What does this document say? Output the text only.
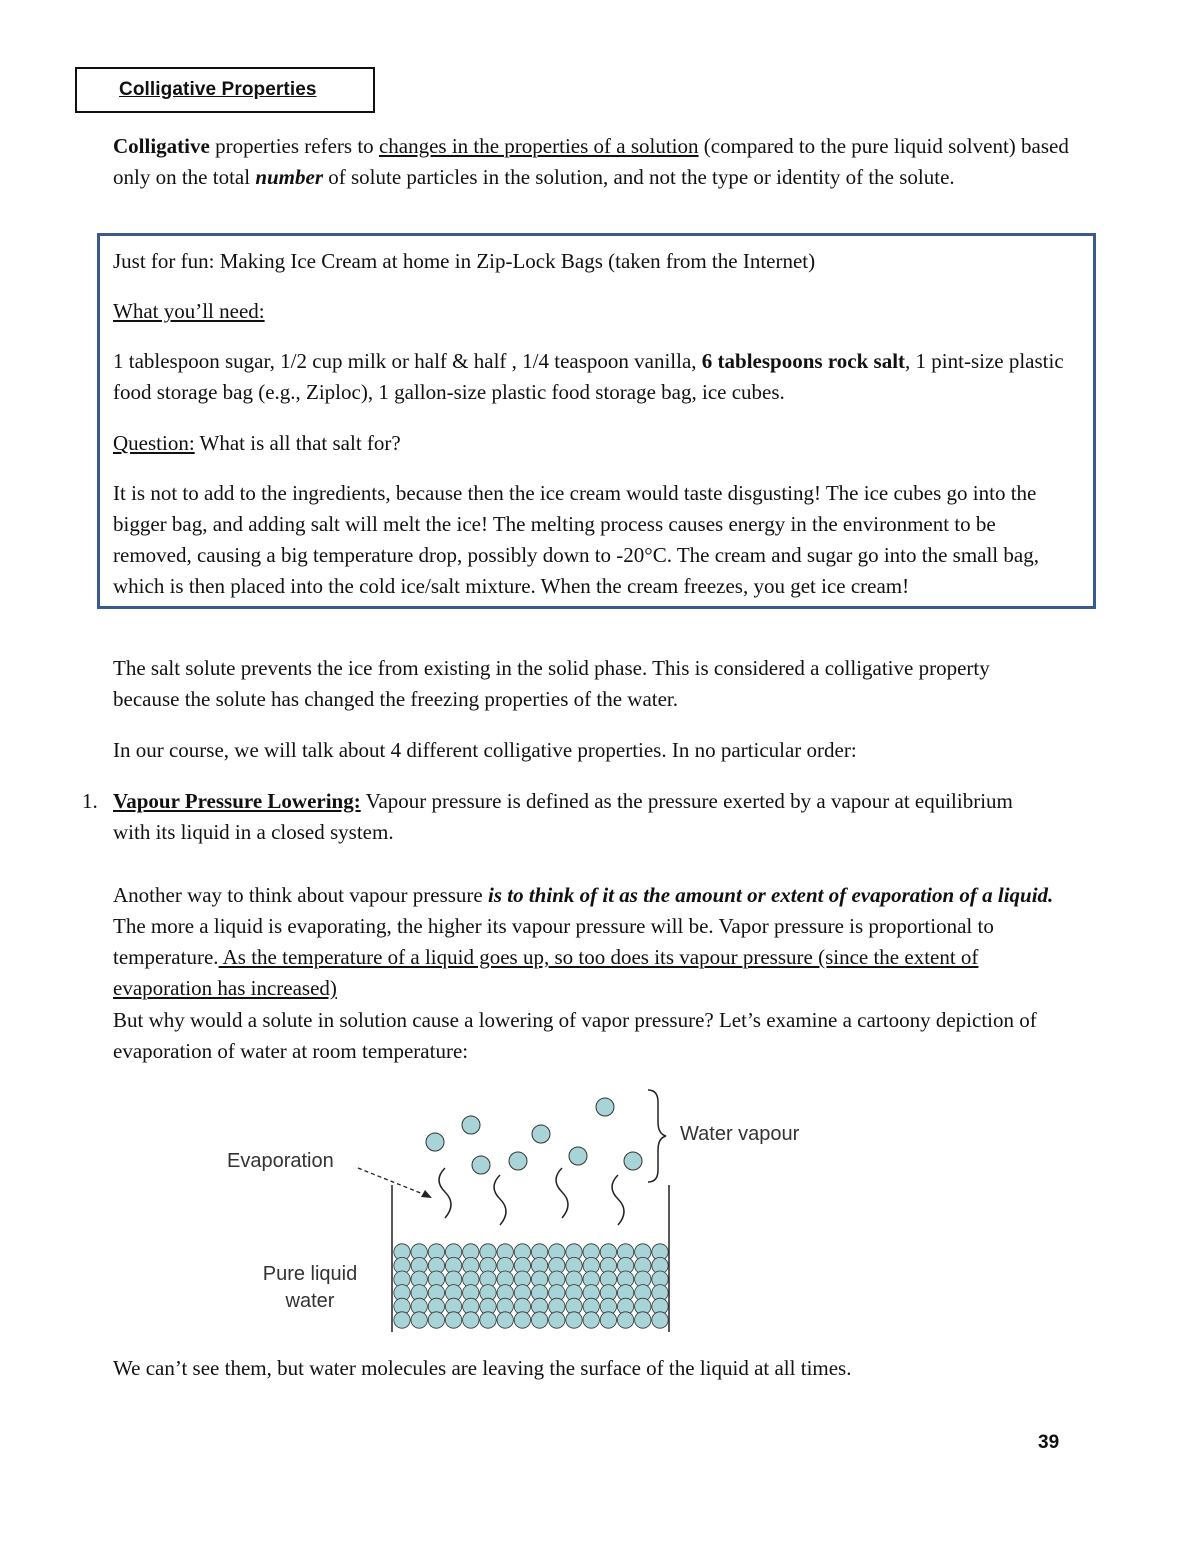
Colligative Properties
Colligative properties refers to changes in the properties of a solution (compared to the pure liquid solvent) based only on the total number of solute particles in the solution, and not the type or identity of the solute.
Just for fun: Making Ice Cream at home in Zip-Lock Bags (taken from the Internet)
What you’ll need:
1 tablespoon sugar, 1/2 cup milk or half & half , 1/4 teaspoon vanilla, 6 tablespoons rock salt, 1 pint-size plastic food storage bag (e.g., Ziploc), 1 gallon-size plastic food storage bag, ice cubes.
Question: What is all that salt for?
It is not to add to the ingredients, because then the ice cream would taste disgusting! The ice cubes go into the bigger bag, and adding salt will melt the ice! The melting process causes energy in the environment to be removed, causing a big temperature drop, possibly down to -20°C. The cream and sugar go into the small bag, which is then placed into the cold ice/salt mixture. When the cream freezes, you get ice cream!
The salt solute prevents the ice from existing in the solid phase. This is considered a colligative property because the solute has changed the freezing properties of the water.
In our course, we will talk about 4 different colligative properties. In no particular order:
1. Vapour Pressure Lowering: Vapour pressure is defined as the pressure exerted by a vapour at equilibrium with its liquid in a closed system.
Another way to think about vapour pressure is to think of it as the amount or extent of evaporation of a liquid. The more a liquid is evaporating, the higher its vapour pressure will be. Vapor pressure is proportional to temperature. As the temperature of a liquid goes up, so too does its vapour pressure (since the extent of evaporation has increased)
But why would a solute in solution cause a lowering of vapor pressure? Let’s examine a cartoony depiction of evaporation of water at room temperature:
Evaporation
Water vapour
Pure liquid
water
We can’t see them, but water molecules are leaving the surface of the liquid at all times.
39
